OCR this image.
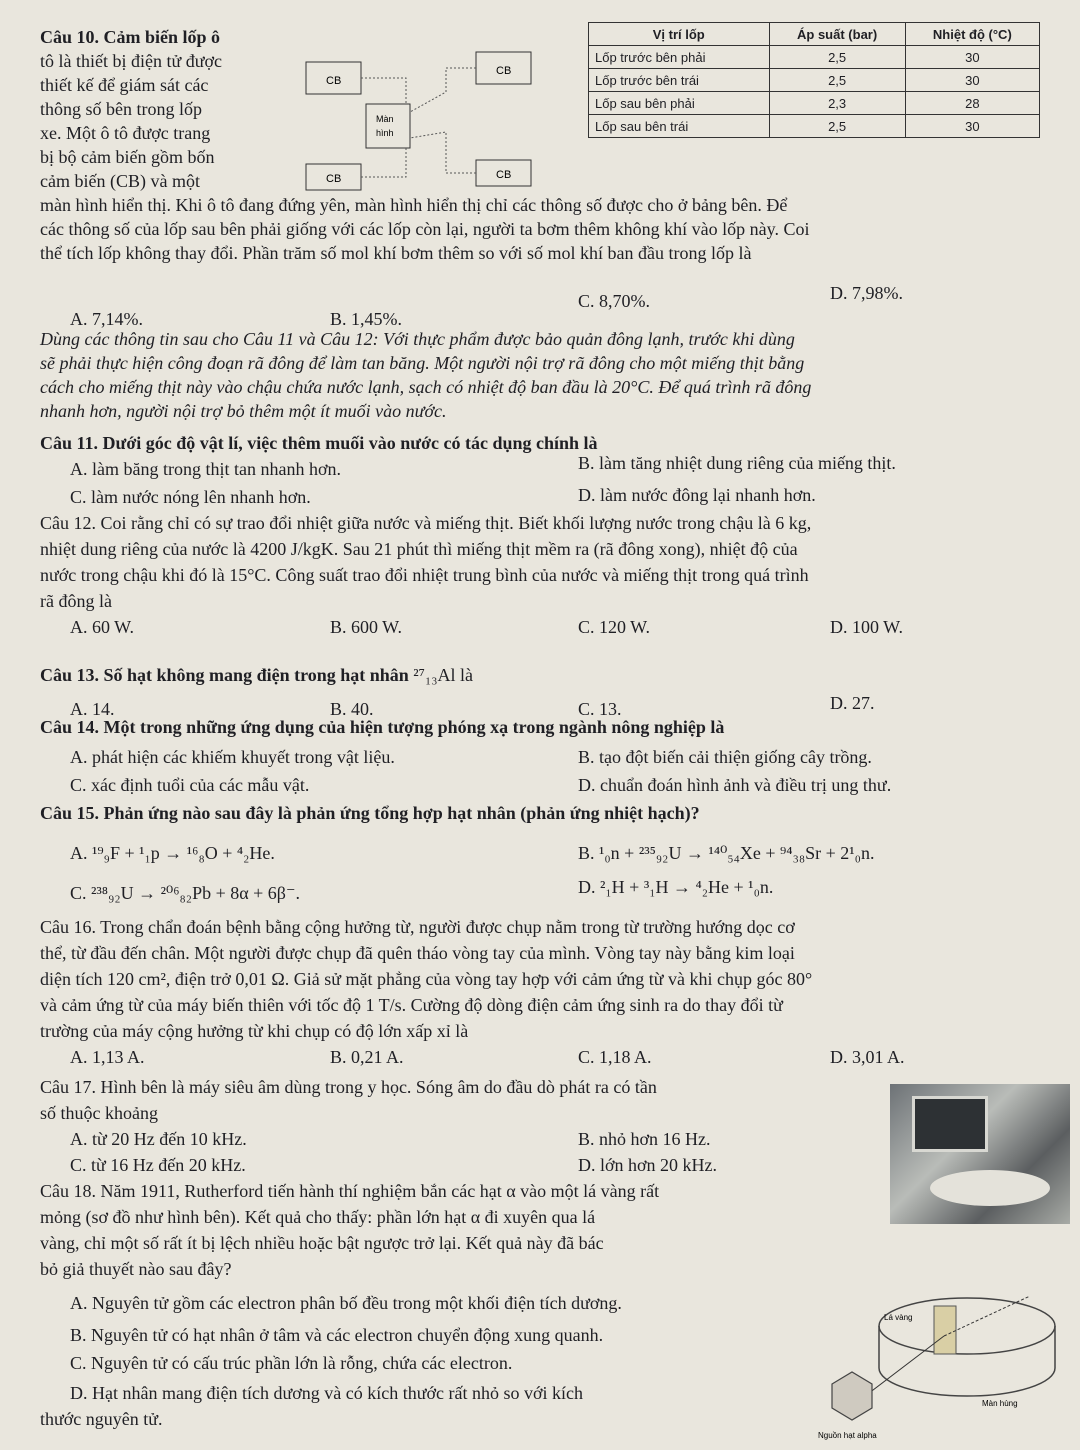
Câu 10. Cảm biến lốp ô
tô là thiết bị điện tử được
thiết kế để giám sát các
thông số bên trong lốp
xe. Một ô tô được trang
bị bộ cảm biến gồm bốn
cảm biến (CB) và một
CB
CB
CB	CB
Màn
hình
Vị trí lốp	Áp suất (bar)	Nhiệt độ (°C)
Lốp trước bên phải	2,5	30
Lốp trước bên trái	2,5	30
Lốp sau bên phải	2,3	28
Lốp sau bên trái	2,5	30
màn hình hiển thị. Khi ô tô đang đứng yên, màn hình hiển thị chỉ các thông số được cho ở bảng bên. Để
các thông số của lốp sau bên phải giống với các lốp còn lại, người ta bơm thêm không khí vào lốp này. Coi
thể tích lốp không thay đổi. Phần trăm số mol khí bơm thêm so với số mol khí ban đầu trong lốp là
D. 7,98%.
A. 7,14%.	B. 1,45%.
C. 8,70%.
Dùng các thông tin sau cho Câu 11 và Câu 12: Với thực phẩm được bảo quản đông lạnh, trước khi dùng
sẽ phải thực hiện công đoạn rã đông để làm tan băng. Một người nội trợ rã đông cho một miếng thịt bằng
cách cho miếng thịt này vào chậu chứa nước lạnh, sạch có nhiệt độ ban đầu là 20°C. Để quá trình rã đông
nhanh hơn, người nội trợ bỏ thêm một ít muối vào nước.
Câu 11. Dưới góc độ vật lí, việc thêm muối vào nước có tác dụng chính là
A. làm băng trong thịt tan nhanh hơn.	B. làm tăng nhiệt dung riêng của miếng thịt.
C. làm nước nóng lên nhanh hơn.	D. làm nước đông lại nhanh hơn.
Câu 12. Coi rằng chỉ có sự trao đổi nhiệt giữa nước và miếng thịt. Biết khối lượng nước trong chậu là 6 kg,
nhiệt dung riêng của nước là 4200 J/kgK. Sau 21 phút thì miếng thịt mềm ra (rã đông xong), nhiệt độ của
nước trong chậu khi đó là 15°C. Công suất trao đổi nhiệt trung bình của nước và miếng thịt trong quá trình
rã đông là
A. 60 W.	B. 600 W.	C. 120 W.	D. 100 W.
Câu 13. Số hạt không mang điện trong hạt nhân ²⁷₁₃Al là
A. 14.	B. 40.	C. 13.	D. 27.
Câu 14. Một trong những ứng dụng của hiện tượng phóng xạ trong ngành nông nghiệp là
A. phát hiện các khiếm khuyết trong vật liệu.	B. tạo đột biến cải thiện giống cây trồng.
C. xác định tuổi của các mẫu vật.	D. chuẩn đoán hình ảnh và điều trị ung thư.
Câu 15. Phản ứng nào sau đây là phản ứng tổng hợp hạt nhân (phản ứng nhiệt hạch)?
A. ¹⁹₉F + ¹₁p → ¹⁶₈O + ⁴₂He.	B. ¹₀n + ²³⁵₉₂U → ¹⁴⁰₅₄Xe + ⁹⁴₃₈Sr + 2¹₀n.
C. ²³⁸₉₂U → ²⁰⁶₈₂Pb + 8α + 6β⁻.	D. ²₁H + ³₁H → ⁴₂He + ¹₀n.
Câu 16. Trong chẩn đoán bệnh bằng cộng hưởng từ, người được chụp nằm trong từ trường hướng dọc cơ
thể, từ đầu đến chân. Một người được chụp đã quên tháo vòng tay của mình. Vòng tay này bằng kim loại
diện tích 120 cm², điện trở 0,01 Ω. Giả sử mặt phẳng của vòng tay hợp với cảm ứng từ và khi chụp góc 80°
và cảm ứng từ của máy biến thiên với tốc độ 1 T/s. Cường độ dòng điện cảm ứng sinh ra do thay đổi từ
trường của máy cộng hưởng từ khi chụp có độ lớn xấp xỉ là
A. 1,13 A.	B. 0,21 A.	C. 1,18 A.	D. 3,01 A.
Câu 17. Hình bên là máy siêu âm dùng trong y học. Sóng âm do đầu dò phát ra có tần
số thuộc khoảng
A. từ 20 Hz đến 10 kHz.	B. nhỏ hơn 16 Hz.
C. từ 16 Hz đến 20 kHz.	D. lớn hơn 20 kHz.
Câu 18. Năm 1911, Rutherford tiến hành thí nghiệm bắn các hạt α vào một lá vàng rất
mỏng (sơ đồ như hình bên). Kết quả cho thấy: phần lớn hạt α đi xuyên qua lá
vàng, chỉ một số rất ít bị lệch nhiều hoặc bật ngược trở lại. Kết quả này đã bác
bỏ giả thuyết nào sau đây?
A. Nguyên tử gồm các electron phân bố đều trong một khối điện tích dương.
B. Nguyên tử có hạt nhân ở tâm và các electron chuyển động xung quanh.
C. Nguyên tử có cấu trúc phần lớn là rỗng, chứa các electron.
D. Hạt nhân mang điện tích dương và có kích thước rất nhỏ so với kích
thước nguyên tử.
Lá vàng
Màn hùng
Nguồn hạt alpha
